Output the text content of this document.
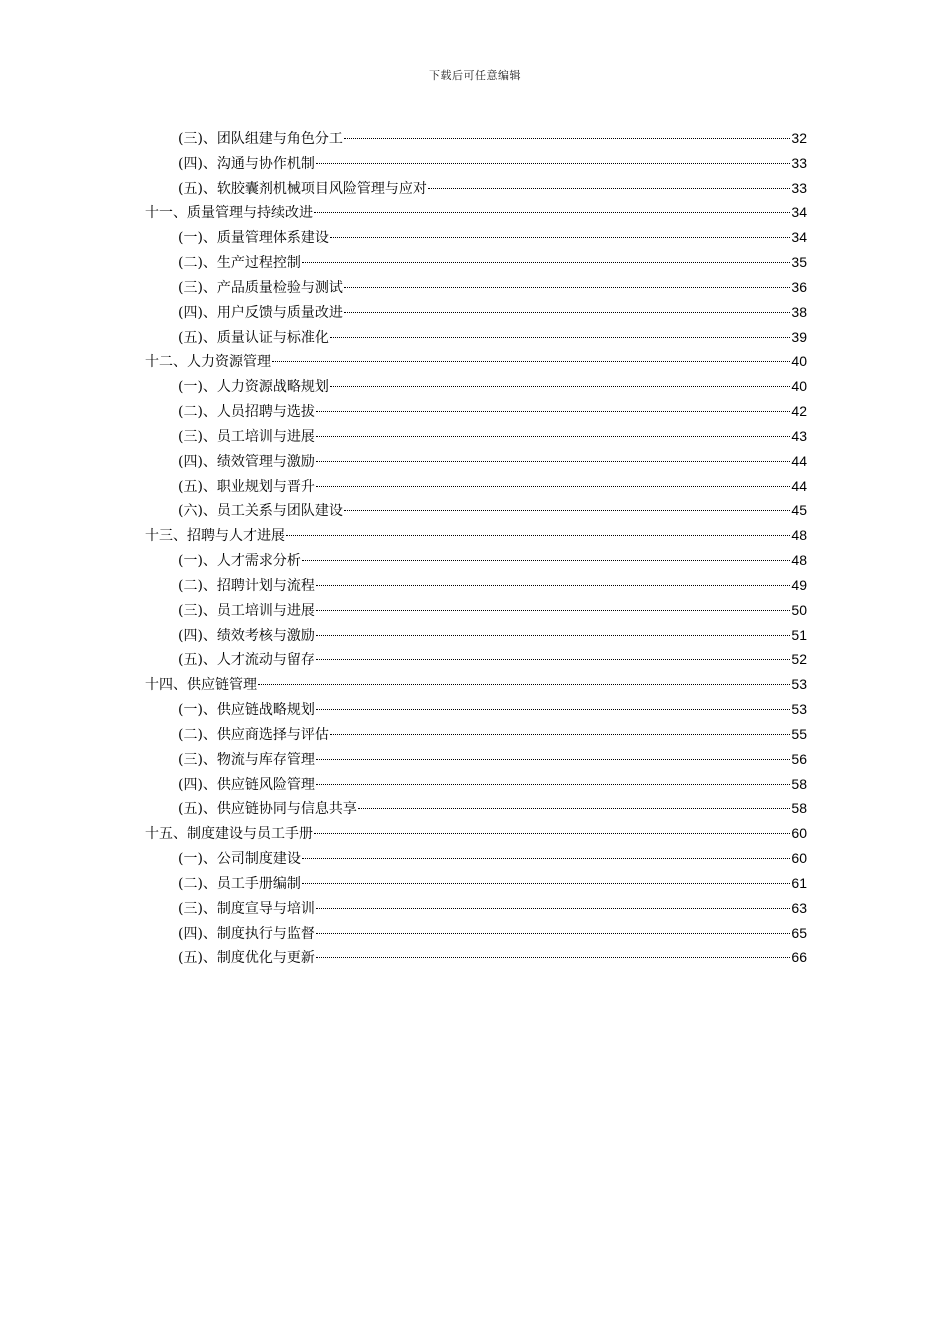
下载后可任意编辑
(三)、团队组建与角色分工	32
(四)、沟通与协作机制	33
(五)、软胶囊剂机械项目风险管理与应对	33
十一、质量管理与持续改进	34
(一)、质量管理体系建设	34
(二)、生产过程控制	35
(三)、产品质量检验与测试	36
(四)、用户反馈与质量改进	38
(五)、质量认证与标准化	39
十二、人力资源管理	40
(一)、人力资源战略规划	40
(二)、人员招聘与选拔	42
(三)、员工培训与进展	43
(四)、绩效管理与激励	44
(五)、职业规划与晋升	44
(六)、员工关系与团队建设	45
十三、招聘与人才进展	48
(一)、人才需求分析	48
(二)、招聘计划与流程	49
(三)、员工培训与进展	50
(四)、绩效考核与激励	51
(五)、人才流动与留存	52
十四、供应链管理	53
(一)、供应链战略规划	53
(二)、供应商选择与评估	55
(三)、物流与库存管理	56
(四)、供应链风险管理	58
(五)、供应链协同与信息共享	58
十五、制度建设与员工手册	60
(一)、公司制度建设	60
(二)、员工手册编制	61
(三)、制度宣导与培训	63
(四)、制度执行与监督	65
(五)、制度优化与更新	66
